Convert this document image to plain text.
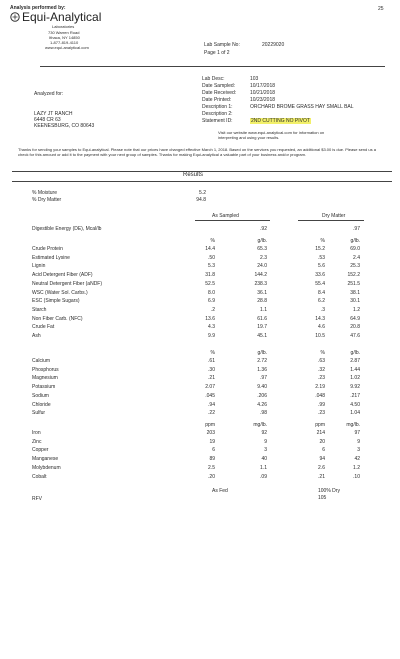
25
Analysis performed by:
Equi-Analytical
Laboratories
730 Warren Road
Ithaca, NY 14850
1-877-819-4110
www.equi-analytical.com	Lab Sample No:	20229020
Page 1 of 2
Analyzed for:
LAZY JT RANCH
6448 CR 63
KEENESBURG, CO 80643
Lab Desc:	103
Date Sampled:	10/17/2018
Date Received:	10/21/2018
Date Printed:	10/23/2018
Description 1:	ORCHARD BROME GRASS HAY SMALL BAL
Description 2:
Statement ID:	2ND CUTTING NO PIVOT
Visit our website www.equi-analytical.com for information on
interpreting and using your results.
Thanks for sending your samples to Equi-analytical. Please note that our prices have changed effective March 1, 2018. Based on the services you requested, an additional $3.00 is due. Please send us a check for this amount or add it to the payment with your next group of samples. Thanks for making Equi-analytical a valuable part of your business and/or program.
Results
% Moisture	5.2
% Dry Matter	94.8
As Sampled	Dry Matter
Digestible Energy (DE), Mcal/lb	.92	.97
%	g/lb.	%	g/lb.
Crude Protein	14.4	65.3	15.2	69.0
Estimated Lysine	.50	2.3	.53	2.4
Lignin	5.3	24.0	5.6	25.3
Acid Detergent Fiber (ADF)	31.8	144.2	33.6	152.2
Neutral Detergent Fiber (aNDF)	52.5	238.3	55.4	251.5
WSC (Water Sol. Carbs.)	8.0	36.1	8.4	38.1
ESC (Simple Sugars)	6.9	28.8	6.2	30.1
Starch	.2	1.1	.3	1.2
Non Fiber Carb. (NFC)	13.6	61.6	14.3	64.9
Crude Fat	4.3	19.7	4.6	20.8
Ash	9.9	45.1	10.5	47.6
%	g/lb.	%	g/lb.
Calcium	.61	2.72	.63	2.87
Phosphorus	.30	1.36	.32	1.44
Magnesium	.21	.97	.23	1.02
Potassium	2.07	9.40	2.19	9.92
Sodium	.045	.206	.048	.217
Chloride	.94	4.26	.99	4.50
Sulfur	.22	.98	.23	1.04
ppm	mg/lb.	ppm	mg/lb.
Iron	203	92	214	97
Zinc	19	9	20	9
Copper	6	3	6	3
Manganese	89	40	94	42
Molybdenum	2.5	1.1	2.6	1.2
Cobalt	.20	.09	.21	.10
As Fed	100% Dry
RFV	105
